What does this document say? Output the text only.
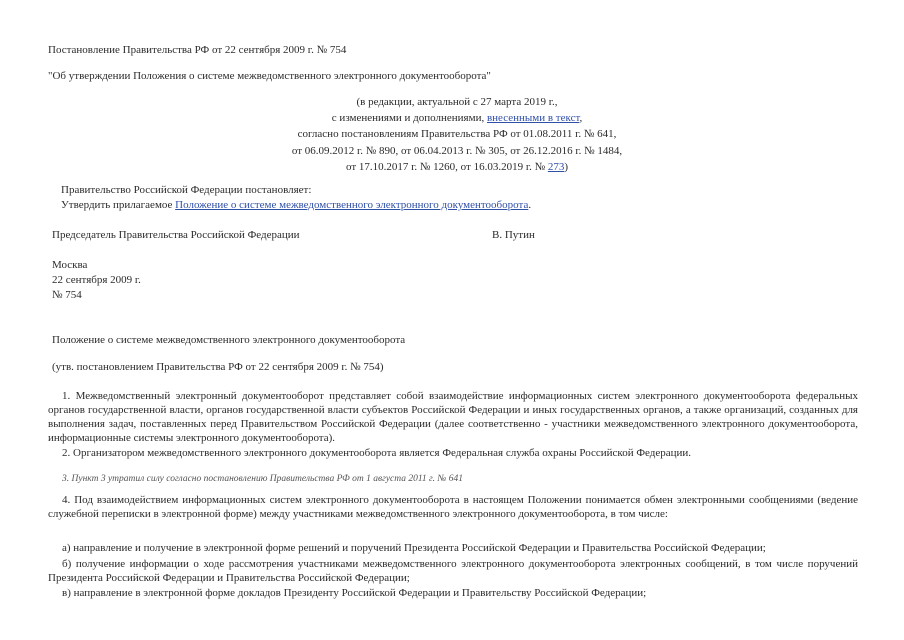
Постановление Правительства РФ от 22 сентября 2009 г. № 754
"Об утверждении Положения о системе межведомственного электронного документооборота"
(в редакции, актуальной с 27 марта 2019 г.,
с изменениями и дополнениями, внесенными в текст,
согласно постановлениям Правительства РФ от 01.08.2011 г. № 641,
от 06.09.2012 г. № 890, от 06.04.2013 г. № 305, от 26.12.2016 г. № 1484,
от 17.10.2017 г. № 1260, от 16.03.2019 г. № 273)
Правительство Российской Федерации постановляет:
Утвердить прилагаемое Положение о системе межведомственного электронного документооборота.
Председатель Правительства Российской Федерации	В. Путин
Москва
22 сентября 2009 г.
№ 754
Положение о системе межведомственного электронного документооборота
(утв. постановлением Правительства РФ от 22 сентября 2009 г. № 754)
1. Межведомственный электронный документооборот представляет собой взаимодействие информационных систем электронного документооборота федеральных органов государственной власти, органов государственной власти субъектов Российской Федерации и иных государственных органов, а также организаций, созданных для выполнения задач, поставленных перед Правительством Российской Федерации (далее соответственно - участники межведомственного электронного документооборота, информационные системы электронного документооборота).
2. Организатором межведомственного электронного документооборота является Федеральная служба охраны Российской Федерации.
3. Пункт 3 утратил силу согласно постановлению Правительства РФ от 1 августа 2011 г. № 641
4. Под взаимодействием информационных систем электронного документооборота в настоящем Положении понимается обмен электронными сообщениями (ведение служебной переписки в электронной форме) между участниками межведомственного электронного документооборота, в том числе:
а) направление и получение в электронной форме решений и поручений Президента Российской Федерации и Правительства Российской Федерации;
б) получение информации о ходе рассмотрения участниками межведомственного электронного документооборота электронных сообщений, в том числе поручений Президента Российской Федерации и Правительства Российской Федерации;
в) направление в электронной форме докладов Президенту Российской Федерации и Правительству Российской Федерации;
